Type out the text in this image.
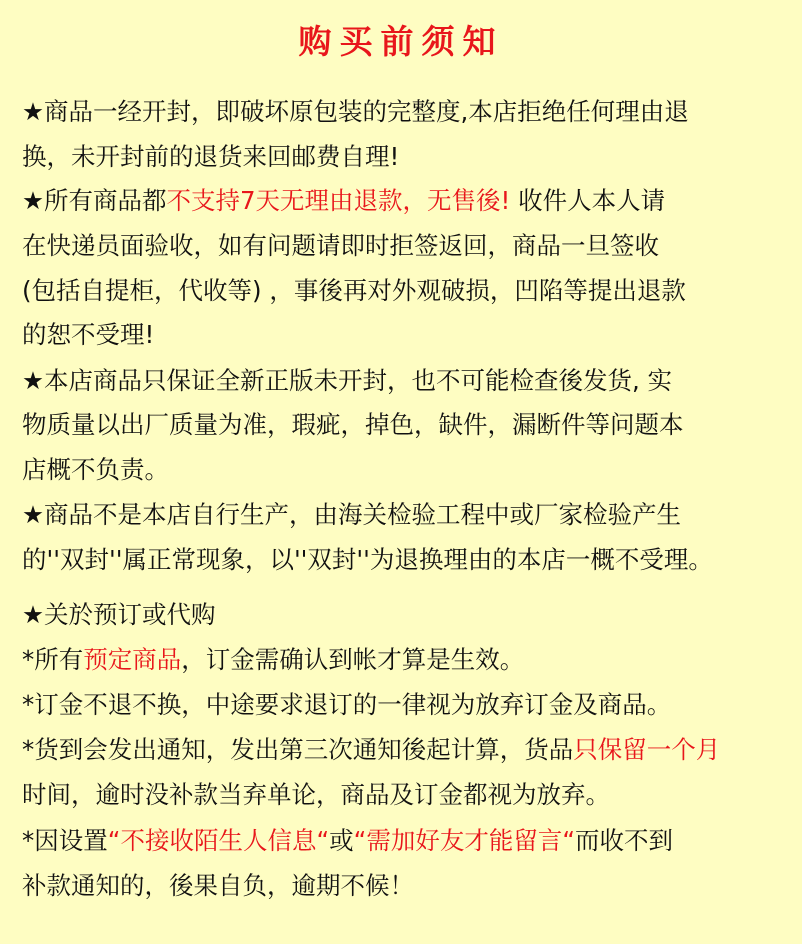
购买前须知
★商品一经开封，即破坏原包装的完整度,本店拒绝任何理由退
换，未开封前的退货来回邮费自理!
★所有商品都不支持7天无理由退款，无售後! 收件人本人请
在快递员面验收，如有问题请即时拒签返回，商品一旦签收
(包括自提柜，代收等) ，事後再对外观破损，凹陷等提出退款
的恕不受理!
★本店商品只保证全新正版未开封，也不可能检查後发货, 实
物质量以出厂质量为准，瑕疵，掉色，缺件，漏断件等问题本
店概不负责。
★商品不是本店自行生产，由海关检验工程中或厂家检验产生
的''双封''属正常现象，以''双封''为退换理由的本店一概不受理。
★关於预订或代购
*所有预定商品，订金需确认到帐才算是生效。
*订金不退不换，中途要求退订的一律视为放弃订金及商品。
*货到会发出通知，发出第三次通知後起计算，货品只保留一个月
时间，逾时没补款当弃单论，商品及订金都视为放弃。
*因设置“不接收陌生人信息“或“需加好友才能留言“而收不到
补款通知的，後果自负，逾期不候！
